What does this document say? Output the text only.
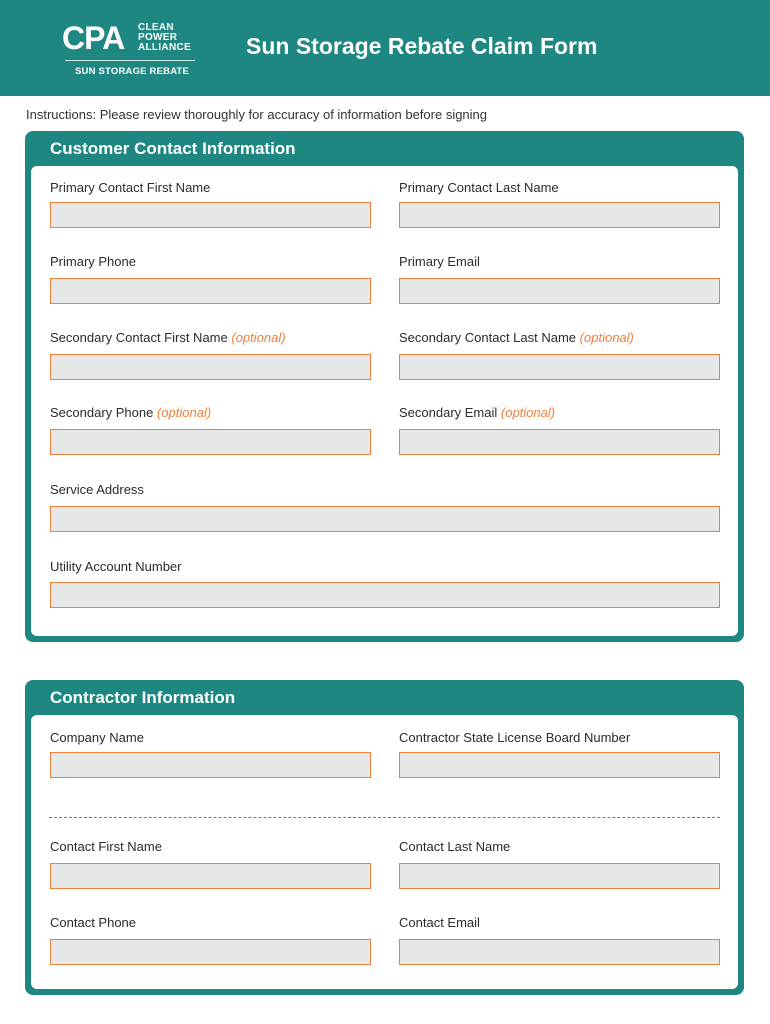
CPA CLEAN
POWER
ALLIANCE
SUN STORAGE REBATE
Sun Storage Rebate Claim Form
Instructions: Please review thoroughly for accuracy of information before signing
Customer Contact Information
Primary Contact First Name	Primary Contact Last Name
Primary Phone	Primary Email
Secondary Contact First Name (optional)	Secondary Contact Last Name (optional)
Secondary Phone (optional)	Secondary Email (optional)
Service Address
Utility Account Number
Contractor Information
Company Name	Contractor State License Board Number
Contact First Name	Contact Last Name
Contact Phone	Contact Email
